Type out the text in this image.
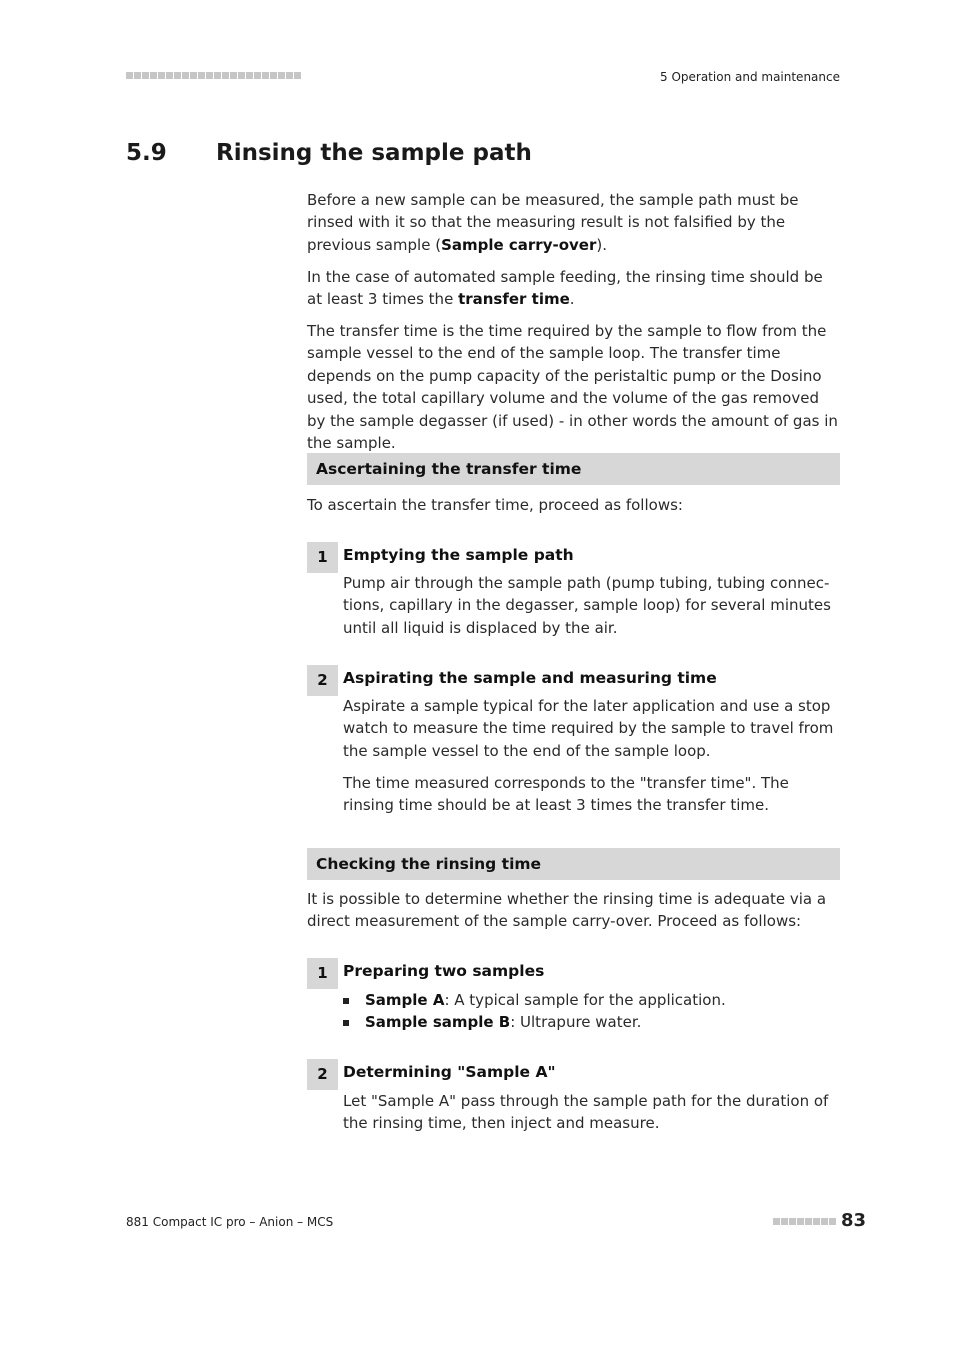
5 Operation and maintenance
5.9 Rinsing the sample path

Before a new sample can be measured, the sample path must be rinsed with it so that the measuring result is not falsified by the previous sample (Sample carry-over).

In the case of automated sample feeding, the rinsing time should be at least 3 times the transfer time.

The transfer time is the time required by the sample to flow from the sample vessel to the end of the sample loop. The transfer time depends on the pump capacity of the peristaltic pump or the Dosino used, the total capillary volume and the volume of the gas removed by the sample degasser (if used) - in other words the amount of gas in the sample.

Ascertaining the transfer time

To ascertain the transfer time, proceed as follows:

1 Emptying the sample path

Pump air through the sample path (pump tubing, tubing connections, capillary in the degasser, sample loop) for several minutes until all liquid is displaced by the air.

2 Aspirating the sample and measuring time

Aspirate a sample typical for the later application and use a stop watch to measure the time required by the sample to travel from the sample vessel to the end of the sample loop.

The time measured corresponds to the "transfer time". The rinsing time should be at least 3 times the transfer time.

Checking the rinsing time

It is possible to determine whether the rinsing time is adequate via a direct measurement of the sample carry-over. Proceed as follows:

1 Preparing two samples
Sample A: A typical sample for the application.
Sample sample B: Ultrapure water.
2 Determining "Sample A"

Let "Sample A" pass through the sample path for the duration of the rinsing time, then inject and measure.

881 Compact IC pro – Anion – MCS	83
